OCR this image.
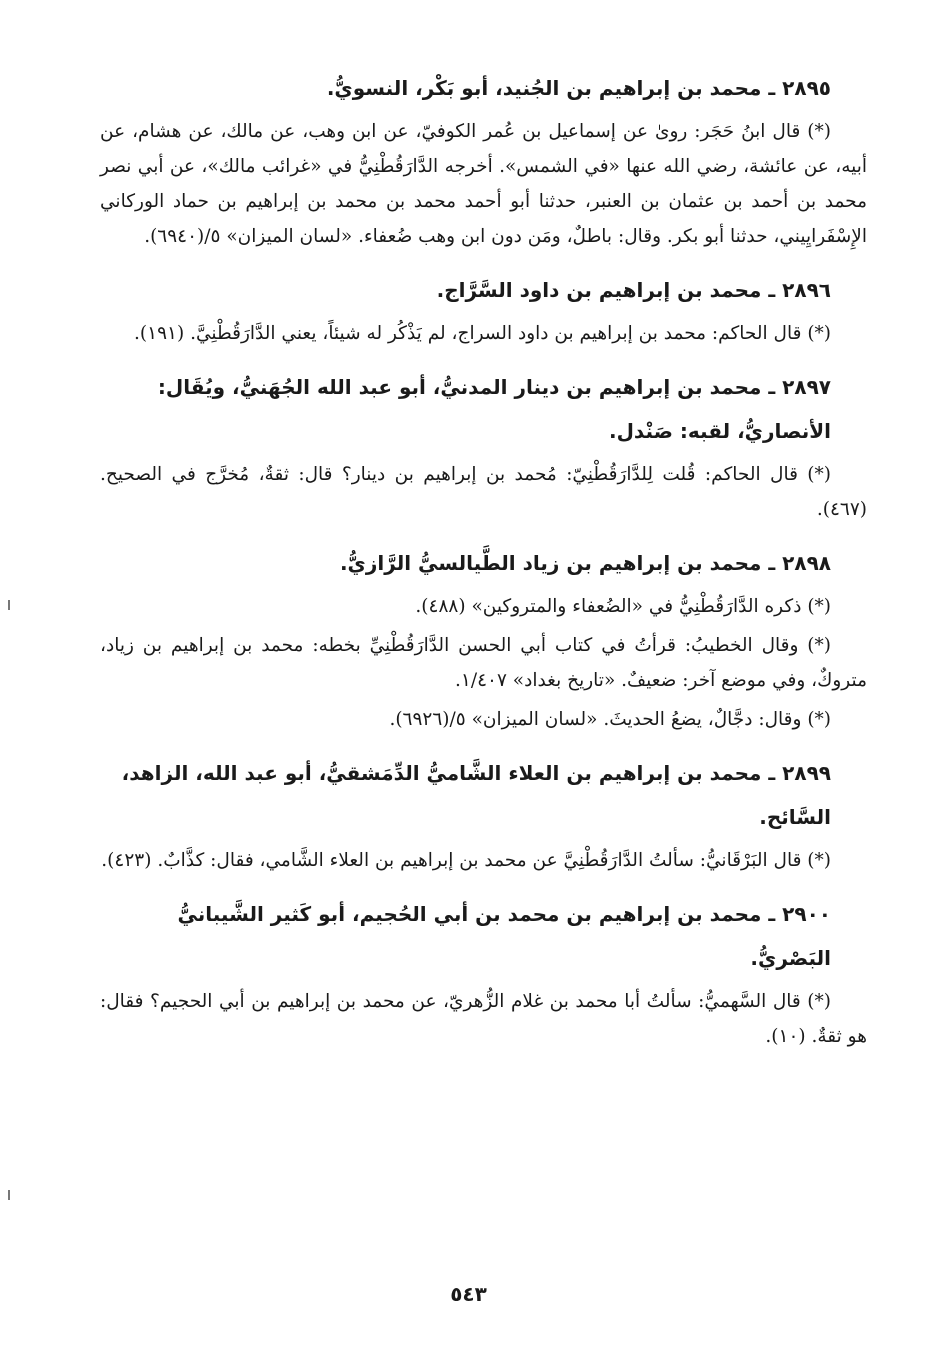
٢٨٩٥ ـ محمد بن إبراهيم بن الجُنيد، أبو بَكْر، النسويُّ.

(*) قال ابنُ حَجَر: روىٰ عن إسماعيل بن عُمر الكوفيّ، عن ابن وهب، عن مالك، عن هشام، عن أبيه، عن عائشة، رضي الله عنها «في الشمس». أخرجه الدَّارَقُطْنِيُّ في «غرائب مالك»، عن أبي نصر محمد بن أحمد بن عثمان بن العنبر، حدثنا أبو أحمد محمد بن محمد بن إبراهيم بن حماد الوركاني الإِسْفَرايِيني، حدثنا أبو بكر. وقال: باطلٌ، ومَن دون ابن وهب ضُعفاء. «لسان الميزان» ٥/(٦٩٤٠).

٢٨٩٦ ـ محمد بن إبراهيم بن داود السَّرَّاج.

(*) قال الحاكم: محمد بن إبراهيم بن داود السراج، لم يَذْكُر له شيئاً، يعني الدَّارَقُطْنِيَّ. (١٩١).

٢٨٩٧ ـ محمد بن إبراهيم بن دينار المدنيُّ، أبو عبد الله الجُهَنيُّ، ويُقَال: الأنصاريُّ، لقبه: صَنْدل.

(*) قال الحاكم: قُلت لِلدَّارَقُطْنِيّ: مُحمد بن إبراهيم بن دينار؟ قال: ثقةٌ، مُخرَّج في الصحيح. (٤٦٧).

٢٨٩٨ ـ محمد بن إبراهيم بن زياد الطَّيالسيُّ الرَّازيُّ.

(*) ذكره الدَّارَقُطْنِيُّ في «الضُعفاء والمتروكين» (٤٨٨).

(*) وقال الخطيبُ: قرأتُ في كتاب أبي الحسن الدَّارَقُطْنِيِّ بخطه: محمد بن إبراهيم بن زياد، متروكٌ، وفي موضع آخر: ضعيفٌ. «تاريخ بغداد» ١/٤٠٧.

(*) وقال: دجَّالٌ، يضعُ الحديثَ. «لسان الميزان» ٥/(٦٩٢٦).

٢٨٩٩ ـ محمد بن إبراهيم بن العلاء الشَّاميُّ الدِّمَشقيُّ، أبو عبد الله، الزاهد، السَّائح.

(*) قال البَرْقَانيُّ: سألتُ الدَّارَقُطْنِيَّ عن محمد بن إبراهيم بن العلاء الشَّامي، فقال: كذَّابٌ. (٤٢٣).

٢٩٠٠ ـ محمد بن إبراهيم بن محمد بن أبي الحُجيم، أبو كَثير الشَّيبانيُّ البَصْريُّ.

(*) قال السَّهميُّ: سألتُ أبا محمد بن غلام الزُّهريّ، عن محمد بن إبراهيم بن أبي الحجيم؟ فقال: هو ثقةٌ. (١٠).

٥٤٣
